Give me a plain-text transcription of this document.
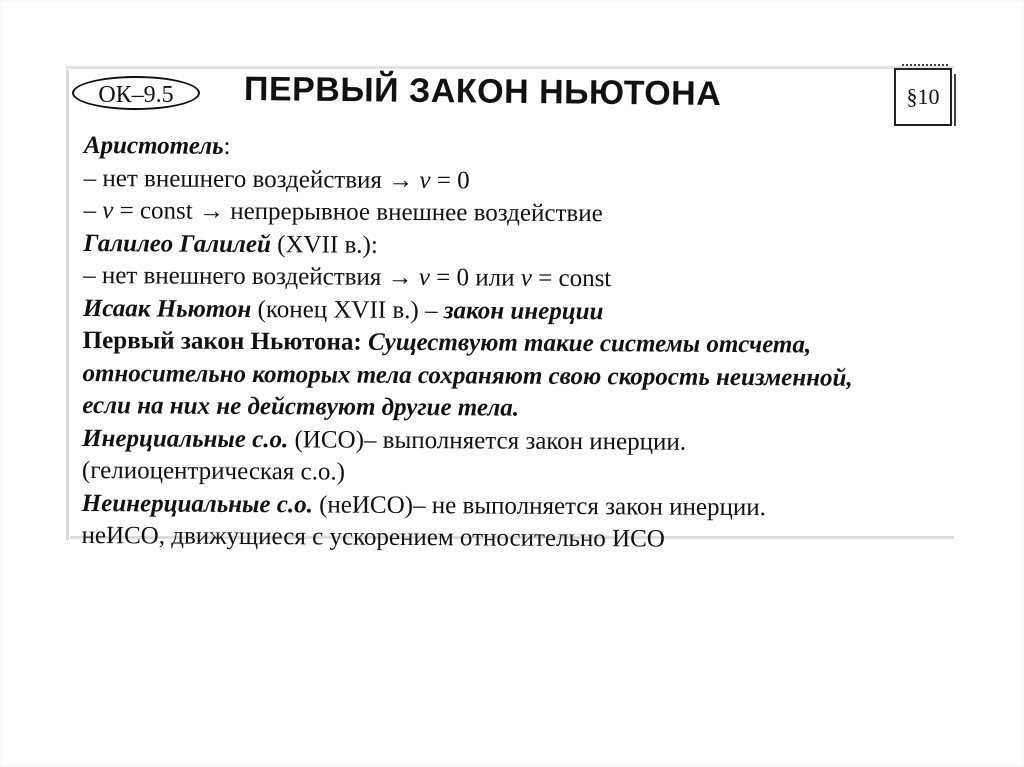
ОК–9.5	ПЕРВЫЙ ЗАКОН НЬЮТОНА	§10
Аристотель:
– нет внешнего воздействия → v = 0
– v = const → непрерывное внешнее воздействие
Галилео Галилей (XVII в.):
– нет внешнего воздействия → v = 0 или v = const
Исаак Ньютон (конец XVII в.) – закон инерции
Первый закон Ньютона: Существуют такие системы отсчета,
относительно которых тела сохраняют свою скорость неизменной,
если на них не действуют другие тела.
Инерциальные с.о. (ИСО)– выполняется закон инерции.
(гелиоцентрическая с.о.)
Неинерциальные с.о. (неИСО)– не выполняется закон инерции.
неИСО, движущиеся с ускорением относительно ИСО
